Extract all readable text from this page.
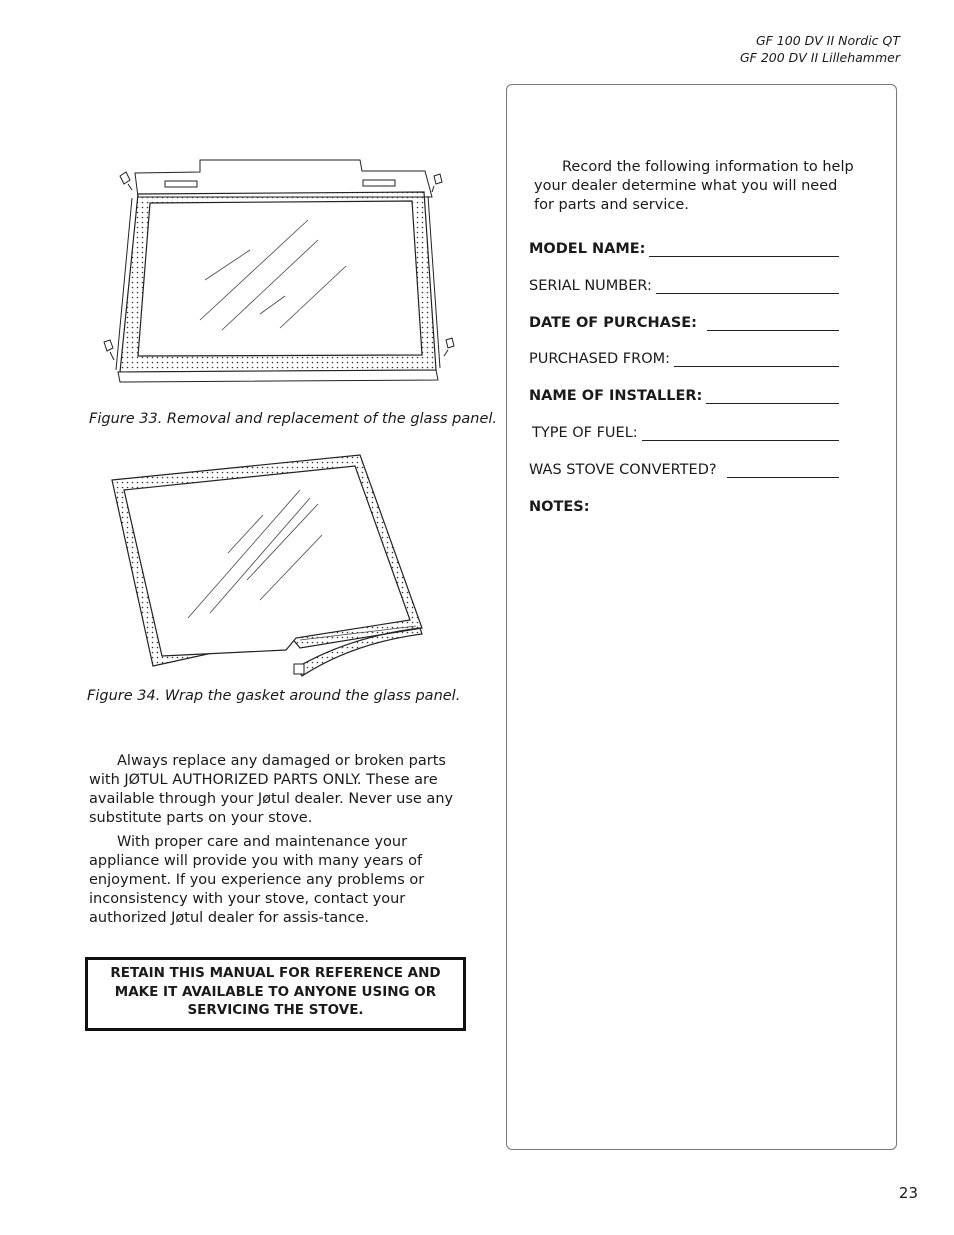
GF 100 DV II Nordic QT
GF 200 DV II Lillehammer
Figure 33. Removal and replacement of the glass panel.
Figure 34. Wrap the gasket around the glass panel.

Always replace any damaged or broken parts with JØTUL AUTHORIZED PARTS ONLY. These are available through your Jøtul dealer. Never use any substitute parts on your stove.

With proper care and maintenance your appliance will provide you with many years of enjoyment. If you experience any problems or inconsistency with your stove, contact your authorized Jøtul dealer for assis-tance.

RETAIN THIS MANUAL FOR REFERENCE AND
MAKE IT AVAILABLE TO ANYONE USING OR
SERVICING THE STOVE.

Record the following information to help your dealer determine what you will need for parts and service.

MODEL NAME:
SERIAL NUMBER:
DATE OF PURCHASE:
PURCHASED FROM:
NAME OF INSTALLER:
TYPE OF FUEL:
WAS STOVE CONVERTED?
NOTES:
23
